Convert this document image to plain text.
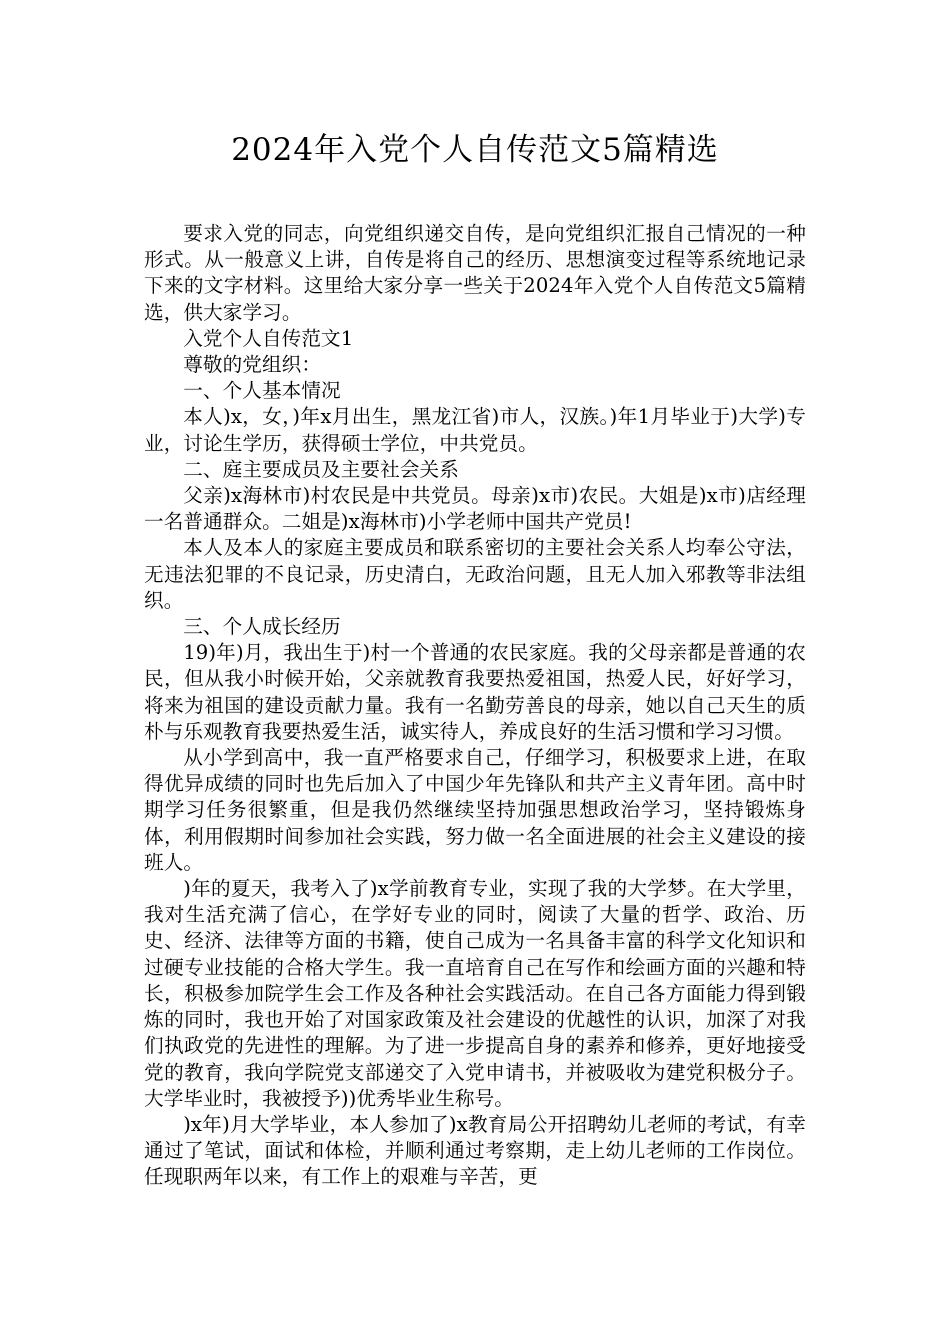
2024年入党个人自传范文5篇精选

要求入党的同志，向党组织递交自传，是向党组织汇报自己情况的一种形式。从一般意义上讲，自传是将自己的经历、思想演变过程等系统地记录下来的文字材料。这里给大家分享一些关于2024年入党个人自传范文5篇精选，供大家学习。

入党个人自传范文1

尊敬的党组织：

一、个人基本情况

本人)x，女，)年x月出生，黑龙江省)市人，汉族。)年1月毕业于)大学)专业，讨论生学历，获得硕士学位，中共党员。

二、庭主要成员及主要社会关系

父亲)x海林市)村农民是中共党员。母亲)x市)农民。大姐是)x市)店经理一名普通群众。二姐是)x海林市)小学老师中国共产党员!

本人及本人的家庭主要成员和联系密切的主要社会关系人均奉公守法，无违法犯罪的不良记录，历史清白，无政治问题，且无人加入邪教等非法组织。

三、个人成长经历

19)年)月，我出生于)村一个普通的农民家庭。我的父母亲都是普通的农民，但从我小时候开始，父亲就教育我要热爱祖国，热爱人民，好好学习，将来为祖国的建设贡献力量。我有一名勤劳善良的母亲，她以自己天生的质朴与乐观教育我要热爱生活，诚实待人，养成良好的生活习惯和学习习惯。

从小学到高中，我一直严格要求自己，仔细学习，积极要求上进，在取得优异成绩的同时也先后加入了中国少年先锋队和共产主义青年团。高中时期学习任务很繁重，但是我仍然继续坚持加强思想政治学习，坚持锻炼身体，利用假期时间参加社会实践，努力做一名全面进展的社会主义建设的接班人。

)年的夏天，我考入了)x学前教育专业，实现了我的大学梦。在大学里，我对生活充满了信心，在学好专业的同时，阅读了大量的哲学、政治、历史、经济、法律等方面的书籍，使自己成为一名具备丰富的科学文化知识和过硬专业技能的合格大学生。我一直培育自己在写作和绘画方面的兴趣和特长，积极参加院学生会工作及各种社会实践活动。在自己各方面能力得到锻炼的同时，我也开始了对国家政策及社会建设的优越性的认识，加深了对我们执政党的先进性的理解。为了进一步提高自身的素养和修养，更好地接受党的教育，我向学院党支部递交了入党申请书，并被吸收为建党积极分子。大学毕业时，我被授予))优秀毕业生称号。

)x年)月大学毕业，本人参加了)x教育局公开招聘幼儿老师的考试，有幸通过了笔试，面试和体检，并顺利通过考察期，走上幼儿老师的工作岗位。任现职两年以来，有工作上的艰难与辛苦，更
